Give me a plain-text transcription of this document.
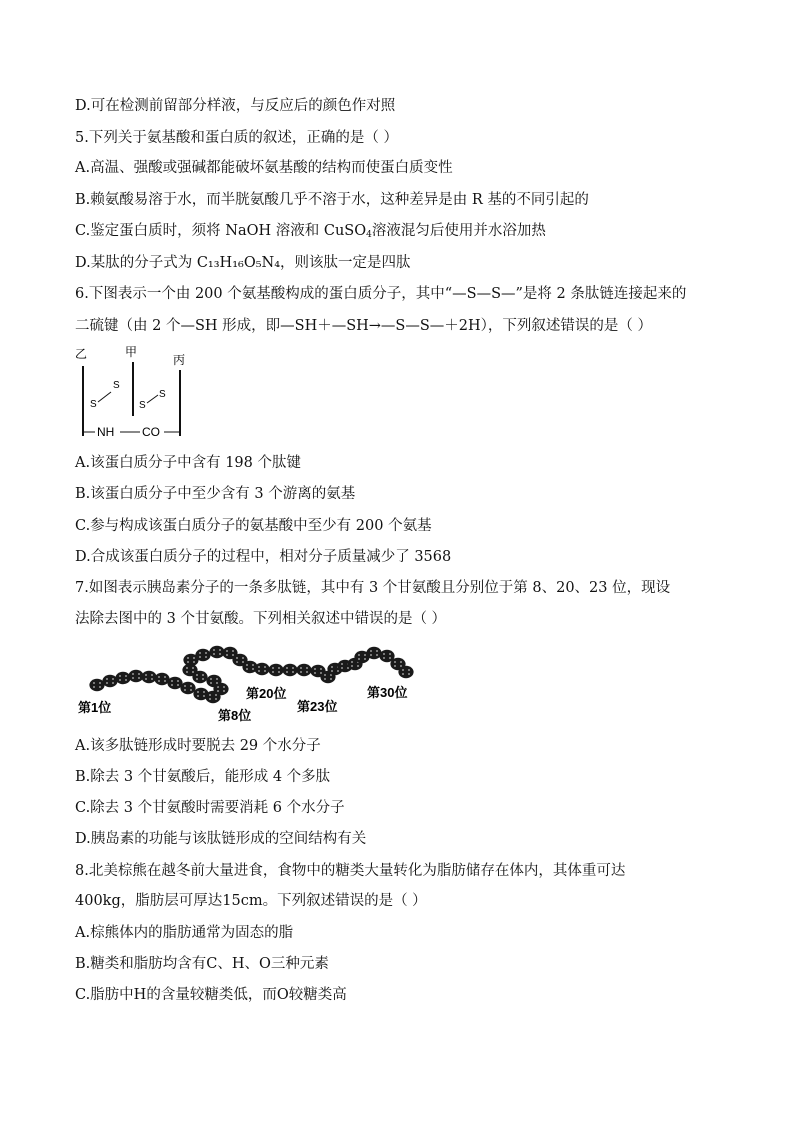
D.可在检测前留部分样液，与反应后的颜色作对照
5.下列关于氨基酸和蛋白质的叙述，正确的是（ ）
A.高温、强酸或强碱都能破坏氨基酸的结构而使蛋白质变性
B.赖氨酸易溶于水，而半胱氨酸几乎不溶于水，这种差异是由 R 基的不同引起的
C.鉴定蛋白质时，须将 NaOH 溶液和 CuSO$_4$溶液混匀后使用并水浴加热
D.某肽的分子式为 C₁₃H₁₆O₅N₄，则该肽一定是四肽
6.下图表示一个由 200 个氨基酸构成的蛋白质分子，其中“—S—S—”是将 2 条肽链连接起来的
二硫键（由 2 个—SH 形成，即—SH＋—SH→—S—S—＋2H），下列叙述错误的是（ ）
乙	甲
丙
S
S
S
S
NH CO
A.该蛋白质分子中含有 198 个肽键
B.该蛋白质分子中至少含有 3 个游离的氨基
C.参与构成该蛋白质分子的氨基酸中至少有 200 个氨基
D.合成该蛋白质分子的过程中，相对分子质量减少了 3568
7.如图表示胰岛素分子的一条多肽链，其中有 3 个甘氨酸且分别位于第 8、20、23 位，现设
法除去图中的 3 个甘氨酸。下列相关叙述中错误的是（ ）
第1位
第8位
第20位
第23位
第30位
A.该多肽链形成时要脱去 29 个水分子
B.除去 3 个甘氨酸后，能形成 4 个多肽
C.除去 3 个甘氨酸时需要消耗 6 个水分子
D.胰岛素的功能与该肽链形成的空间结构有关
8.北美棕熊在越冬前大量进食，食物中的糖类大量转化为脂肪储存在体内，其体重可达
400kg，脂肪层可厚达15cm。下列叙述错误的是（ ）
A.棕熊体内的脂肪通常为固态的脂
B.糖类和脂肪均含有C、H、O三种元素
C.脂肪中H的含量较糖类低，而O较糖类高
